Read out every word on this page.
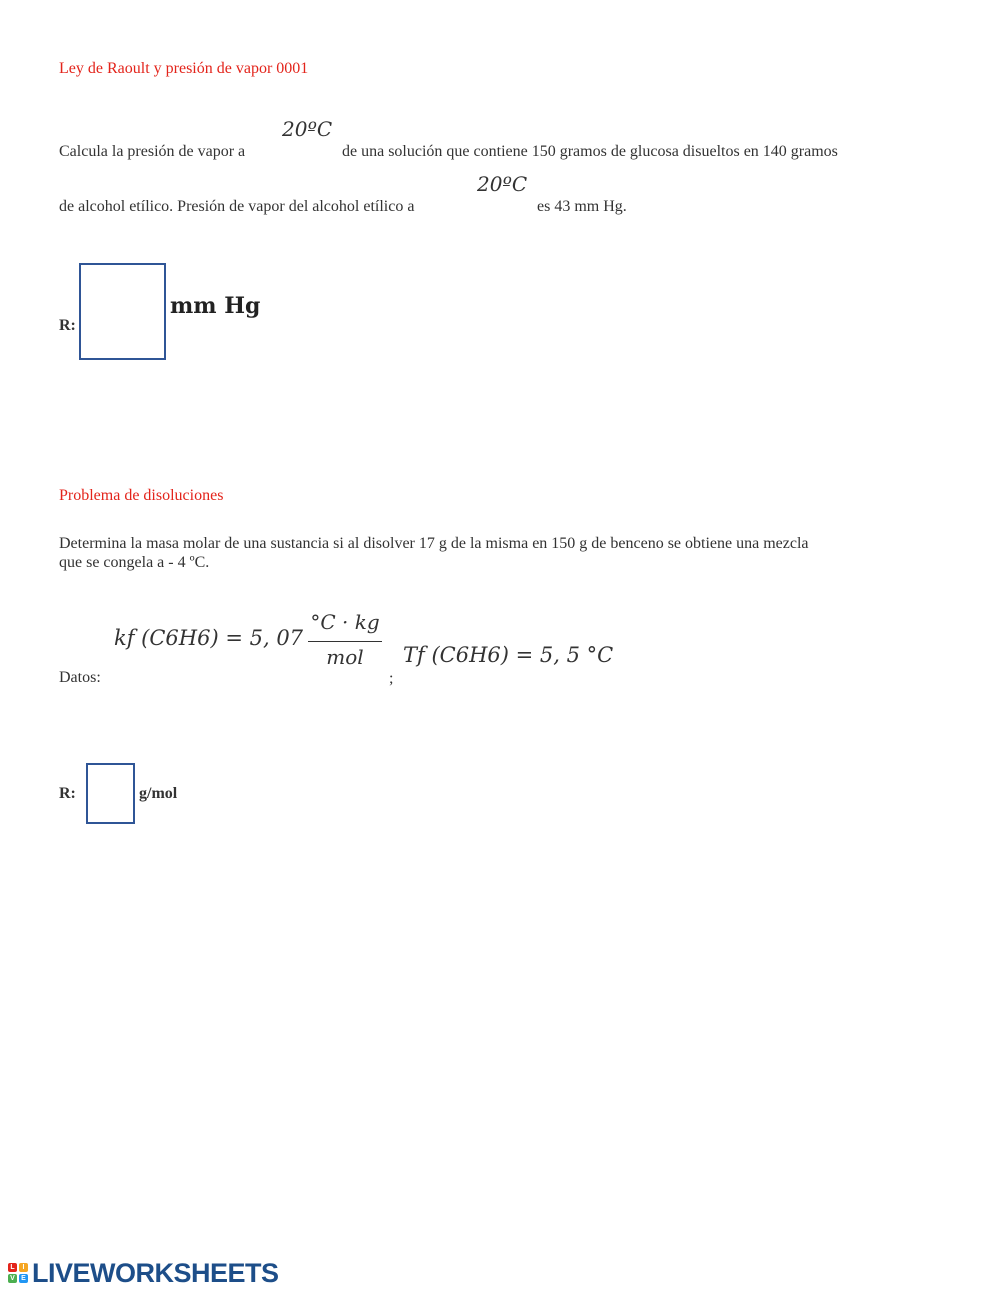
Ley de Raoult y presión de vapor 0001
20ºC
Calcula la presión de vapor a	de una solución que contiene 150 gramos de glucosa disueltos en 140 gramos
20ºC
de alcohol etílico. Presión de vapor del alcohol etílico a	es 43 mm Hg.
R:
mm Hg
Problema de disoluciones
Determina la masa molar de una sustancia si al disolver 17 g de la misma en 150 g de benceno se obtiene una mezcla
que se congela a - 4 ºC.
Datos:
kf (C6H6) = 5, 07
°C · kg
mol
;
Tf (C6H6) = 5, 5 °C
R:	g/mol
L	I
V E LIVEWORKSHEETS
